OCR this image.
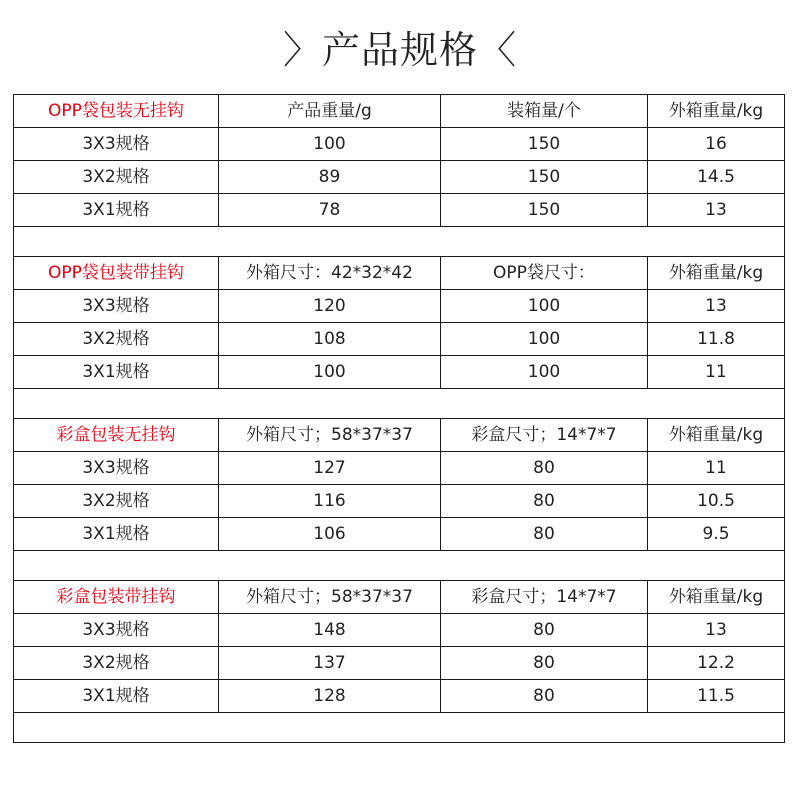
〉产品规格〈
OPP袋包装无挂钩	产品重量/g	装箱量/个	外箱重量/kg
3X3规格	100	150	16
3X2规格	89	150	14.5
3X1规格	78	150	13

OPP袋包装带挂钩	外箱尺寸：42*32*42	OPP袋尺寸：	外箱重量/kg
3X3规格	120	100	13
3X2规格	108	100	11.8
3X1规格	100	100	11

彩盒包装无挂钩	外箱尺寸；58*37*37	彩盒尺寸；14*7*7	外箱重量/kg
3X3规格	127	80	11
3X2规格	116	80	10.5
3X1规格	106	80	9.5

彩盒包装带挂钩	外箱尺寸；58*37*37	彩盒尺寸；14*7*7	外箱重量/kg
3X3规格	148	80	13
3X2规格	137	80	12.2
3X1规格	128	80	11.5
